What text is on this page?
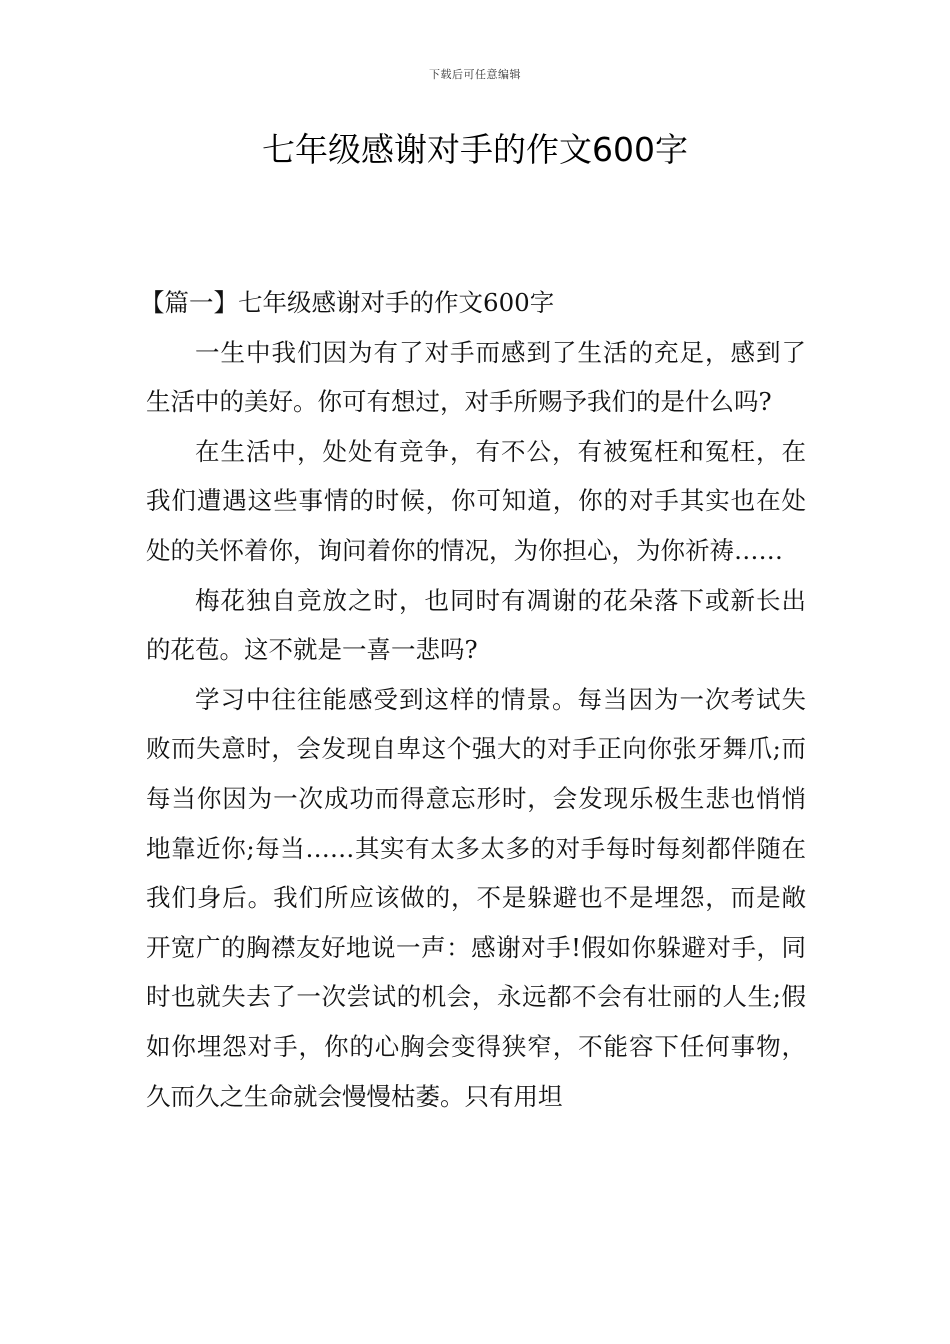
下载后可任意编辑
七年级感谢对手的作文600字

【篇一】七年级感谢对手的作文600字

一生中我们因为有了对手而感到了生活的充足，感到了生活中的美好。你可有想过，对手所赐予我们的是什么吗?

在生活中，处处有竞争，有不公，有被冤枉和冤枉，在我们遭遇这些事情的时候，你可知道，你的对手其实也在处处的关怀着你，询问着你的情况，为你担心，为你祈祷……

梅花独自竞放之时，也同时有凋谢的花朵落下或新长出的花苞。这不就是一喜一悲吗?

学习中往往能感受到这样的情景。每当因为一次考试失败而失意时，会发现自卑这个强大的对手正向你张牙舞爪;而每当你因为一次成功而得意忘形时，会发现乐极生悲也悄悄地靠近你;每当……其实有太多太多的对手每时每刻都伴随在我们身后。我们所应该做的，不是躲避也不是埋怨，而是敞开宽广的胸襟友好地说一声：感谢对手!假如你躲避对手，同时也就失去了一次尝试的机会，永远都不会有壮丽的人生;假如你埋怨对手，你的心胸会变得狭窄，不能容下任何事物，久而久之生命就会慢慢枯萎。只有用坦
